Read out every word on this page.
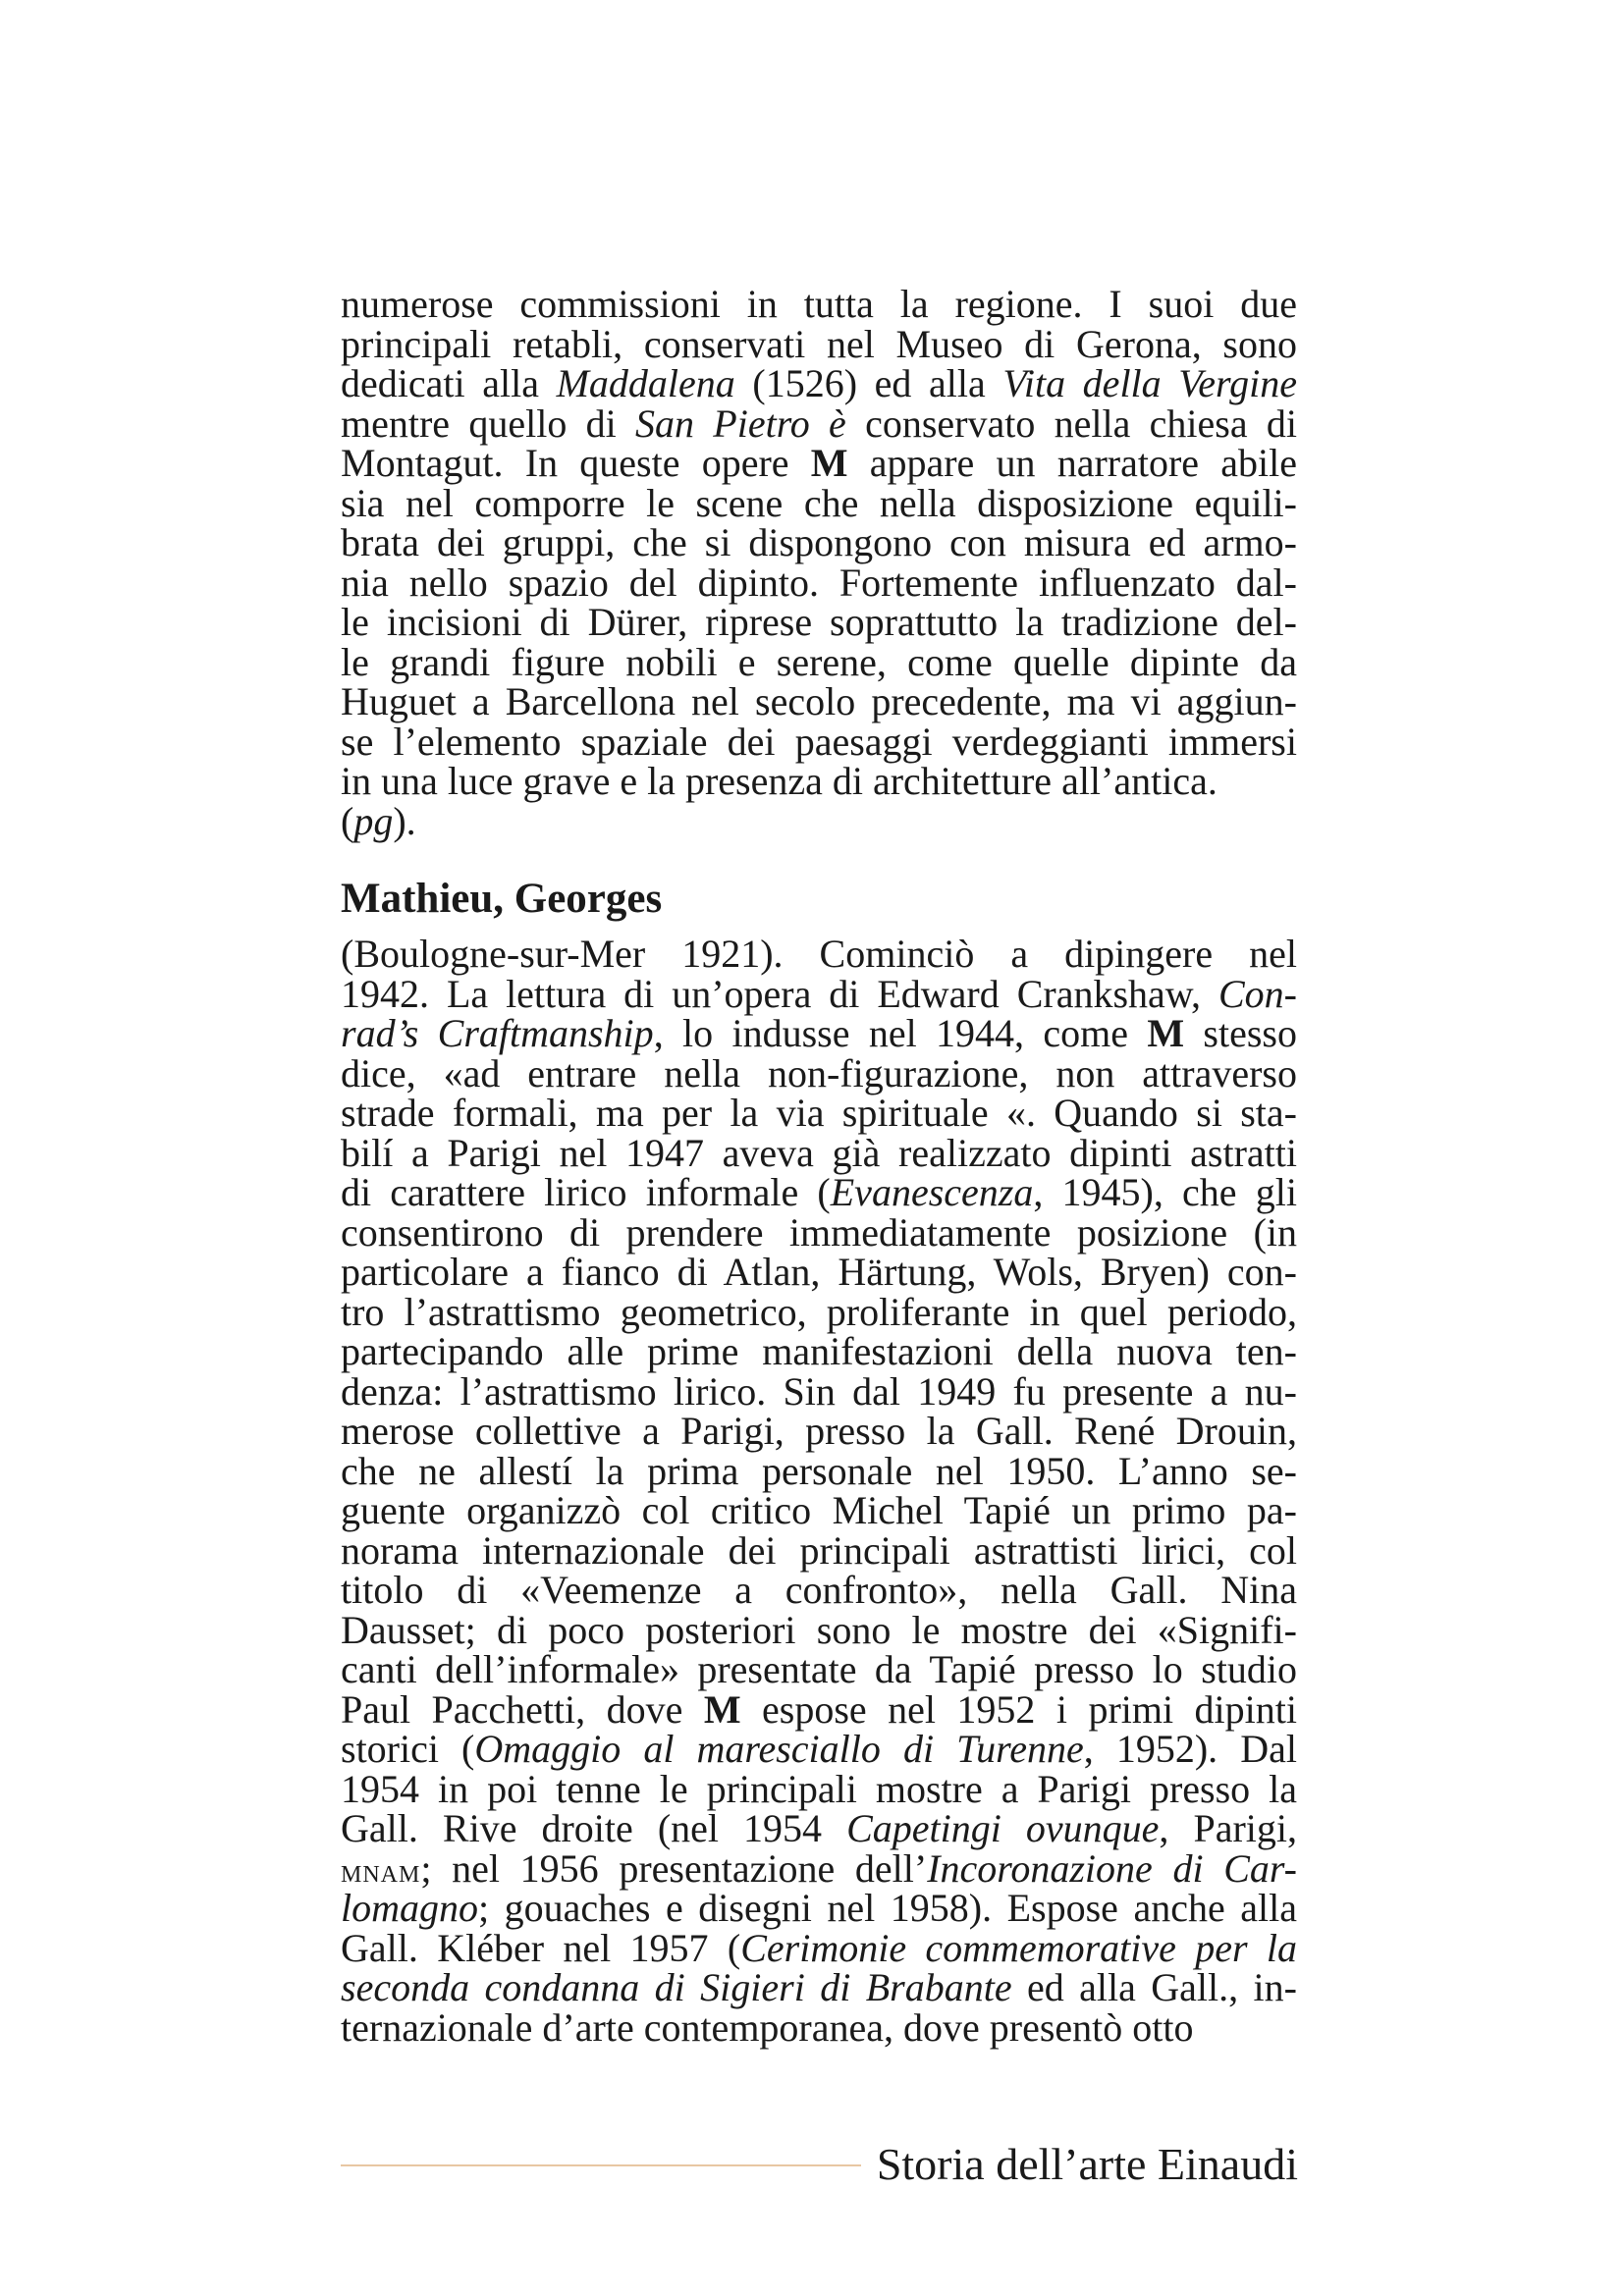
numerose commissioni in tutta la regione. I suoi due
principali retabli, conservati nel Museo di Gerona, sono
dedicati alla Maddalena (1526) ed alla Vita della Vergine
mentre quello di San Pietro è conservato nella chiesa di
Montagut. In queste opere M appare un narratore abile
sia nel comporre le scene che nella disposizione equili-
brata dei gruppi, che si dispongono con misura ed armo-
nia nello spazio del dipinto. Fortemente influenzato dal-
le incisioni di Dürer, riprese soprattutto la tradizione del-
le grandi figure nobili e serene, come quelle dipinte da
Huguet a Barcellona nel secolo precedente, ma vi aggiun-
se l’elemento spaziale dei paesaggi verdeggianti immersi
in una luce grave e la presenza di architetture all’antica.
(pg).
Mathieu, Georges
(Boulogne-sur-Mer 1921). Cominciò a dipingere nel
1942. La lettura di un’opera di Edward Crankshaw, Con-
rad’s Craftmanship, lo indusse nel 1944, come M stesso
dice, «ad entrare nella non-figurazione, non attraverso
strade formali, ma per la via spirituale «. Quando si sta-
bilí a Parigi nel 1947 aveva già realizzato dipinti astratti
di carattere lirico informale (Evanescenza, 1945), che gli
consentirono di prendere immediatamente posizione (in
particolare a fianco di Atlan, Härtung, Wols, Bryen) con-
tro l’astrattismo geometrico, proliferante in quel periodo,
partecipando alle prime manifestazioni della nuova ten-
denza: l’astrattismo lirico. Sin dal 1949 fu presente a nu-
merose collettive a Parigi, presso la Gall. René Drouin,
che ne allestí la prima personale nel 1950. L’anno se-
guente organizzò col critico Michel Tapié un primo pa-
norama internazionale dei principali astrattisti lirici, col
titolo di «Veemenze a confronto», nella Gall. Nina
Dausset; di poco posteriori sono le mostre dei «Signifi-
canti dell’informale» presentate da Tapié presso lo studio
Paul Pacchetti, dove M espose nel 1952 i primi dipinti
storici (Omaggio al maresciallo di Turenne, 1952). Dal
1954 in poi tenne le principali mostre a Parigi presso la
Gall. Rive droite (nel 1954 Capetingi ovunque, Parigi,
mnam; nel 1956 presentazione dell’Incoronazione di Car-
lomagno; gouaches e disegni nel 1958). Espose anche alla
Gall. Kléber nel 1957 (Cerimonie commemorative per la
seconda condanna di Sigieri di Brabante ed alla Gall., in-
ternazionale d’arte contemporanea, dove presentò otto
Storia dell’arte Einaudi
